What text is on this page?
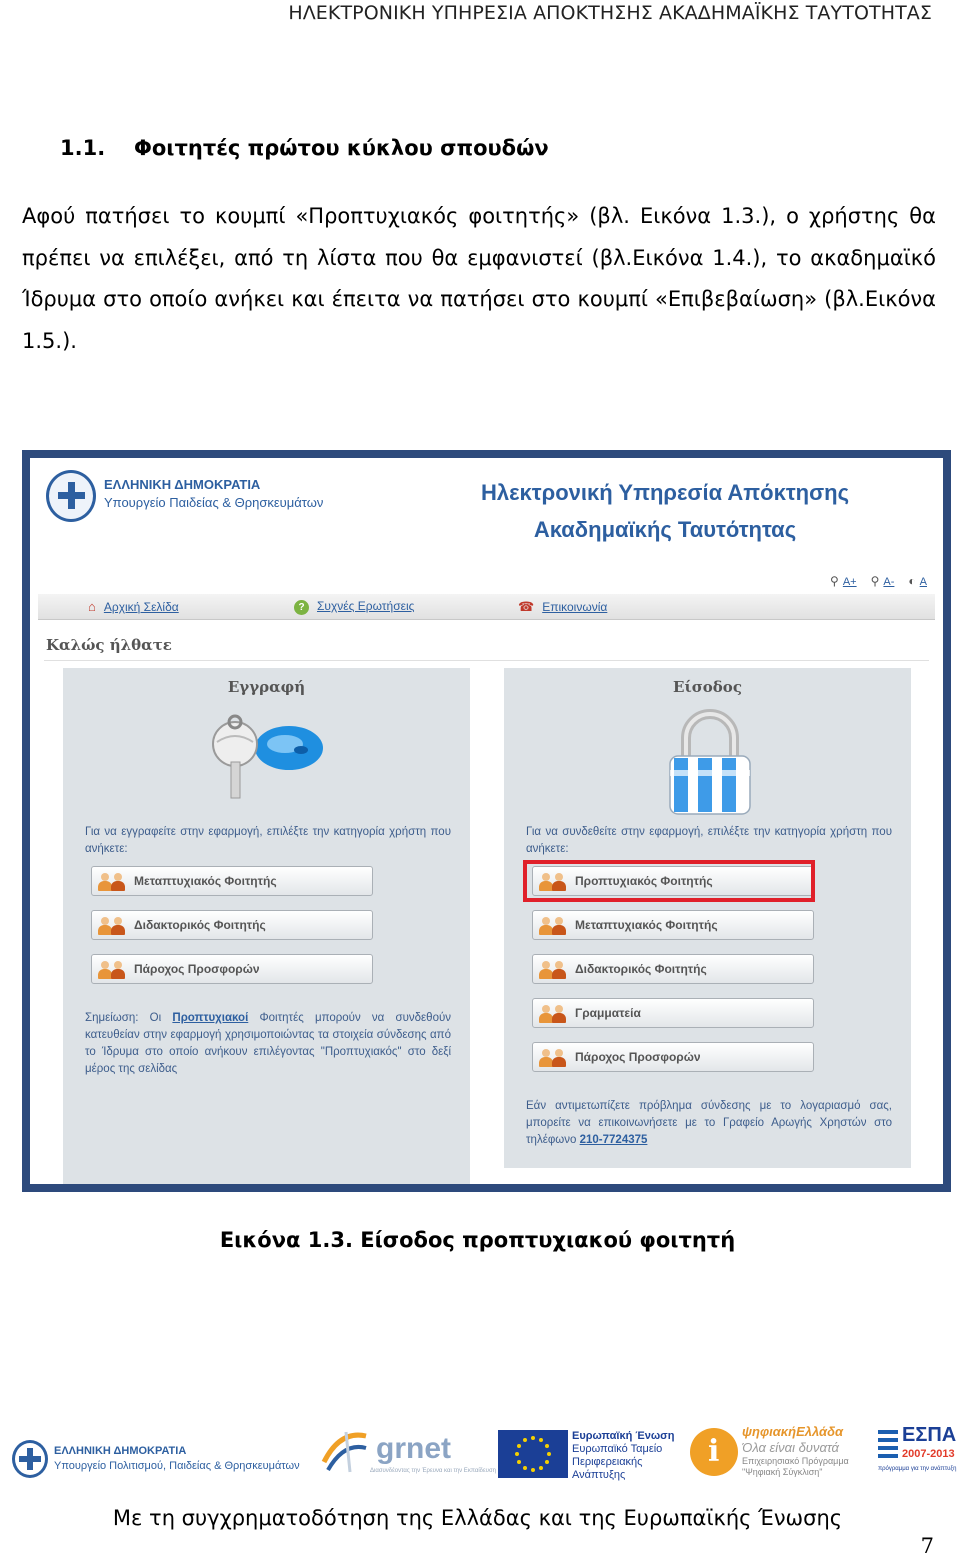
ΗΛΕΚΤΡΟΝΙΚΗ ΥΠΗΡΕΣΙΑ ΑΠΟΚΤΗΣΗΣ ΑΚΑΔΗΜΑΪΚΗΣ ΤΑΥΤΟΤΗΤΑΣ
1.1. Φοιτητές πρώτου κύκλου σπουδών

Αφού πατήσει το κουμπί «Προπτυχιακός φοιτητής» (βλ. Εικόνα 1.3.), ο χρήστης θα πρέπει να επιλέξει, από τη λίστα που θα εμφανιστεί (βλ.Εικόνα 1.4.), το ακαδημαϊκό Ίδρυμα στο οποίο ανήκει και έπειτα να πατήσει στο κουμπί «Επιβεβαίωση» (βλ.Εικόνα 1.5.).

ΕΛΛΗΝΙΚΗ ΔΗΜΟΚΡΑΤΙΑ
Υπουργείο Παιδείας & Θρησκευμάτων	Ηλεκτρονική Υπηρεσία Απόκτησης
Ακαδημαϊκής Ταυτότητας
⚲ A+ ⚲ A- ◐ A
⌂ Αρχική Σελίδα	? Συχνές Ερωτήσεις	☎ Επικοινωνία
Καλώς ήλθατε
Εγγραφή
Για να εγγραφείτε στην εφαρμογή, επιλέξτε την κατηγορία χρήστη που ανήκετε:
Μεταπτυχιακός Φοιτητής
Διδακτορικός Φοιτητής
Πάροχος Προσφορών
Σημείωση: Οι Προπτυχιακοί Φοιτητές μπορούν να συνδεθούν κατευθείαν στην εφαρμογή χρησιμοποιώντας τα στοιχεία σύνδεσης από το Ίδρυμα στο οποίο ανήκουν επιλέγοντας "Προπτυχιακός" στο δεξί μέρος της σελίδας
Είσοδος
Για να συνδεθείτε στην εφαρμογή, επιλέξτε την κατηγορία χρήστη που ανήκετε:
Προπτυχιακός Φοιτητής
Μεταπτυχιακός Φοιτητής
Διδακτορικός Φοιτητής
Γραμματεία
Πάροχος Προσφορών
Εάν αντιμετωπίζετε πρόβλημα σύνδεσης με το λογαριασμό σας, μπορείτε να επικοινωνήσετε με το Γραφείο Αρωγής Χρηστών στο τηλέφωνο 210-7724375
Εικόνα 1.3. Είσοδος προπτυχιακού φοιτητή
ΕΛΛΗΝΙΚΗ ΔΗΜΟΚΡΑΤΙΑ
Υπουργείο Πολιτισμού, Παιδείας & Θρησκευμάτων
grnet
Διασυνδέοντας την Έρευνα και την Εκπαίδευση
Ευρωπαϊκή Ένωση
Ευρωπαϊκό Ταμείο
Περιφερειακής
Ανάπτυξης
i
ψηφιακήΕλλάδα
Όλα είναι δυνατά
Επιχειρησιακό Πρόγραμμα
"Ψηφιακή Σύγκλιση"
ΕΣΠΑ
2007-2013
πρόγραμμα για την ανάπτυξη
Με τη συγχρηματοδότηση της Ελλάδας και της Ευρωπαϊκής Ένωσης
7
